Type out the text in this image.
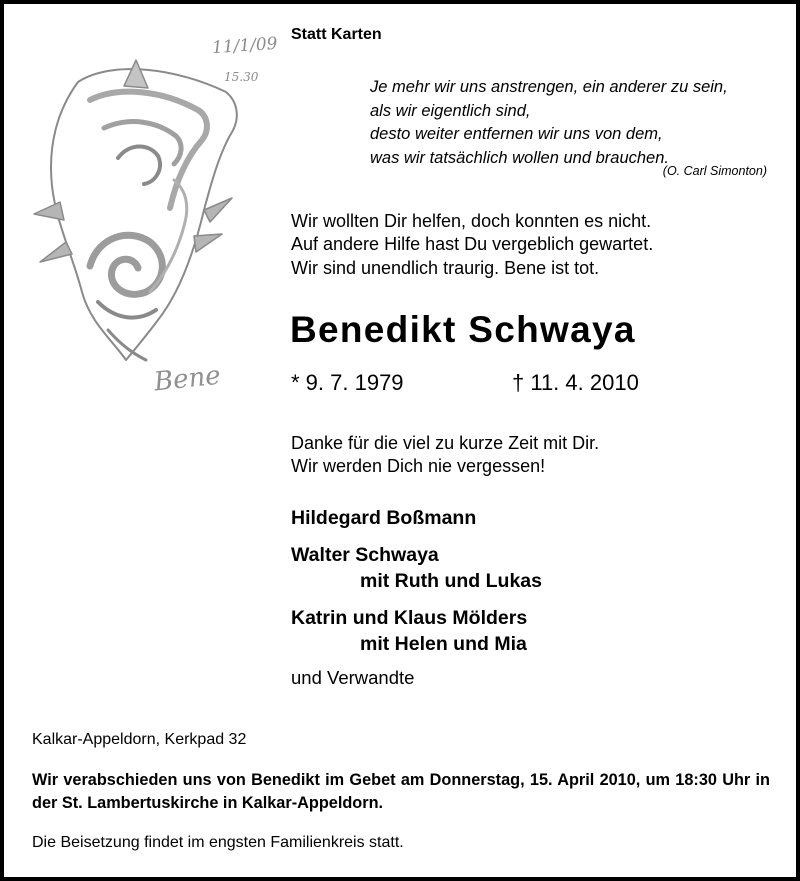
11/1/09
15.30
Bene
Statt Karten
Je mehr wir uns anstrengen, ein anderer zu sein,
als wir eigentlich sind,
desto weiter entfernen wir uns von dem,
was wir tatsächlich wollen und brauchen.
(O. Carl Simonton)
Wir wollten Dir helfen, doch konnten es nicht.
Auf andere Hilfe hast Du vergeblich gewartet.
Wir sind unendlich traurig. Bene ist tot.
Benedikt Schwaya
* 9. 7. 1979	† 11. 4. 2010
Danke für die viel zu kurze Zeit mit Dir.
Wir werden Dich nie vergessen!
Hildegard Boßmann
Walter Schwaya
mit Ruth und Lukas
Katrin und Klaus Mölders
mit Helen und Mia
und Verwandte
Kalkar-Appeldorn, Kerkpad 32
Wir verabschieden uns von Benedikt im Gebet am Donnerstag, 15. April 2010, um 18:30 Uhr in der St. Lambertuskirche in Kalkar-Appeldorn.
Die Beisetzung findet im engsten Familienkreis statt.
